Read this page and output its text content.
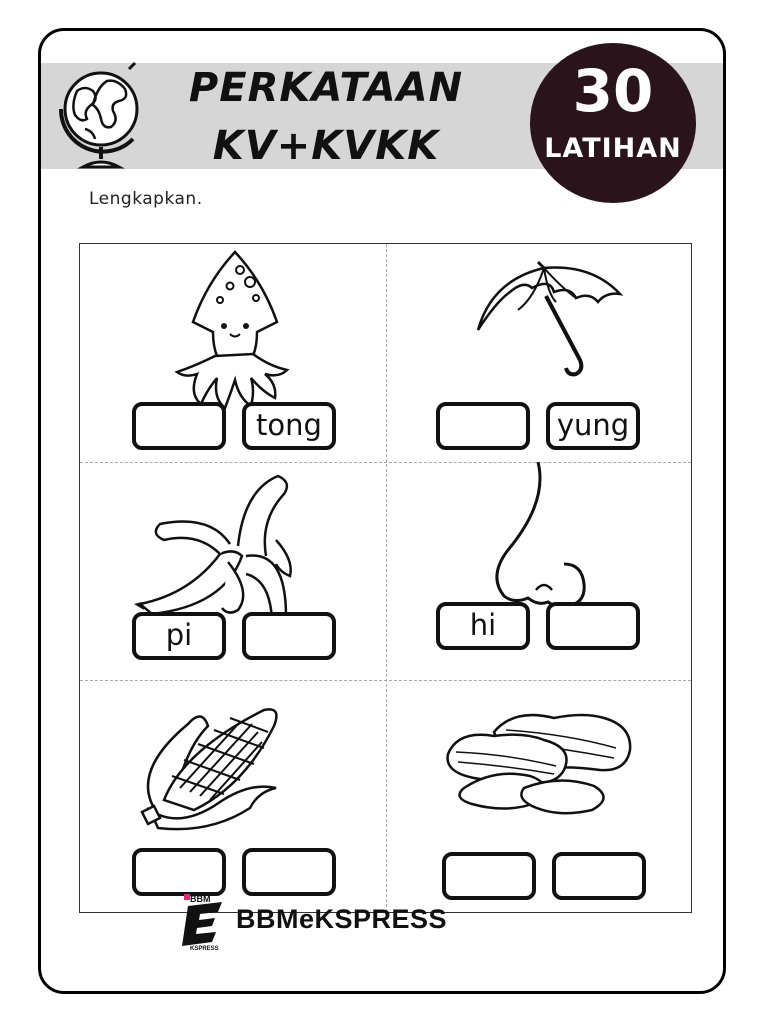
PERKATAAN
KV+KVKK
30
LATIHAN
Lengkapkan.
tong	yung
pi	hi
BBM
KSPRESS
BBMeKSPRESS
